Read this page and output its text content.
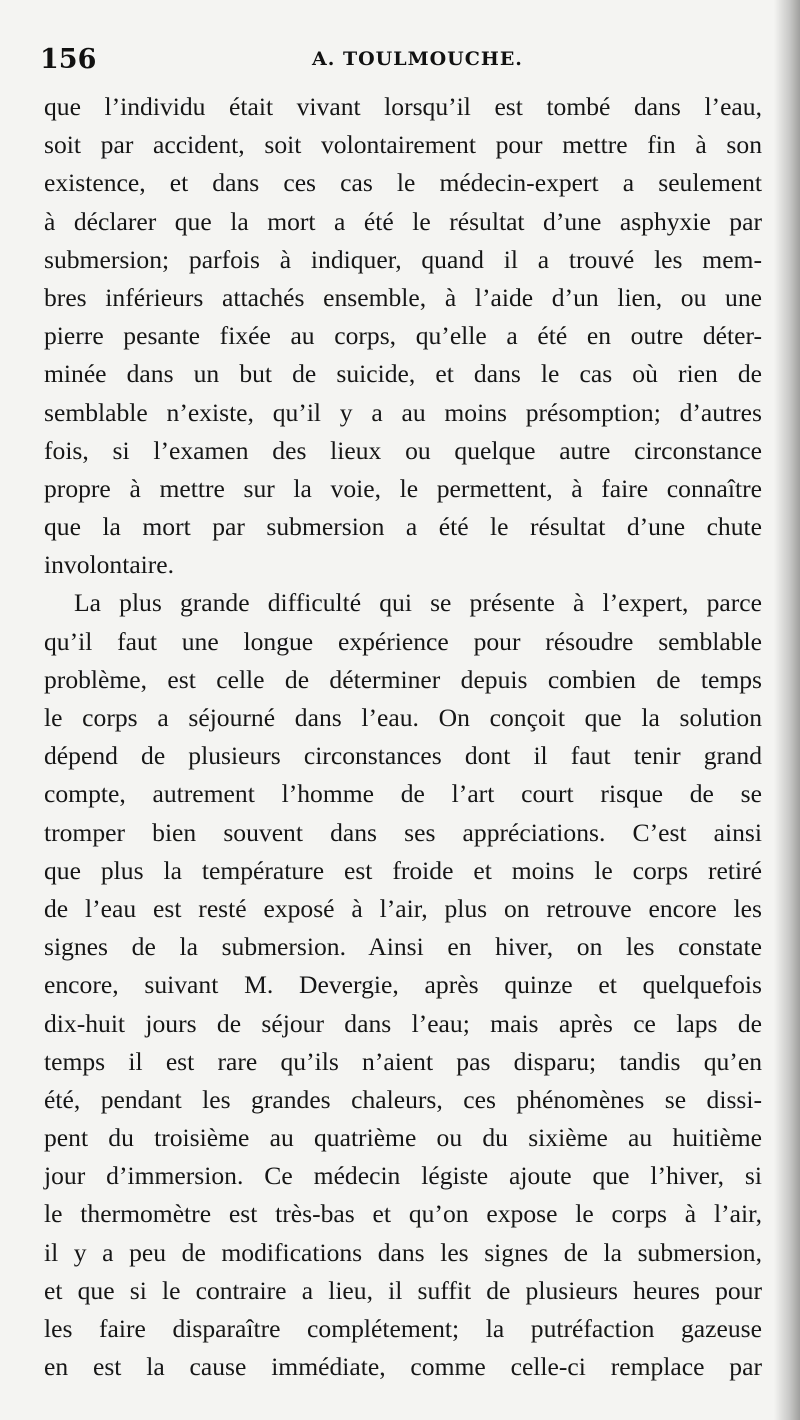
156	A. TOULMOUCHE.
que l’individu était vivant lorsqu’il est tombé dans l’eau,
soit par accident, soit volontairement pour mettre fin à son
existence, et dans ces cas le médecin-expert a seulement
à déclarer que la mort a été le résultat d’une asphyxie par
submersion; parfois à indiquer, quand il a trouvé les mem-
bres inférieurs attachés ensemble, à l’aide d’un lien, ou une
pierre pesante fixée au corps, qu’elle a été en outre déter-
minée dans un but de suicide, et dans le cas où rien de
semblable n’existe, qu’il y a au moins présomption; d’autres
fois, si l’examen des lieux ou quelque autre circonstance
propre à mettre sur la voie, le permettent, à faire connaître
que la mort par submersion a été le résultat d’une chute
involontaire.
La plus grande difficulté qui se présente à l’expert, parce
qu’il faut une longue expérience pour résoudre semblable
problème, est celle de déterminer depuis combien de temps
le corps a séjourné dans l’eau. On conçoit que la solution
dépend de plusieurs circonstances dont il faut tenir grand
compte, autrement l’homme de l’art court risque de se
tromper bien souvent dans ses appréciations. C’est ainsi
que plus la température est froide et moins le corps retiré
de l’eau est resté exposé à l’air, plus on retrouve encore les
signes de la submersion. Ainsi en hiver, on les constate
encore, suivant M. Devergie, après quinze et quelquefois
dix-huit jours de séjour dans l’eau; mais après ce laps de
temps il est rare qu’ils n’aient pas disparu; tandis qu’en
été, pendant les grandes chaleurs, ces phénomènes se dissi-
pent du troisième au quatrième ou du sixième au huitième
jour d’immersion. Ce médecin légiste ajoute que l’hiver, si
le thermomètre est très-bas et qu’on expose le corps à l’air,
il y a peu de modifications dans les signes de la submersion,
et que si le contraire a lieu, il suffit de plusieurs heures pour
les faire disparaître complétement; la putréfaction gazeuse
en est la cause immédiate, comme celle-ci remplace par
